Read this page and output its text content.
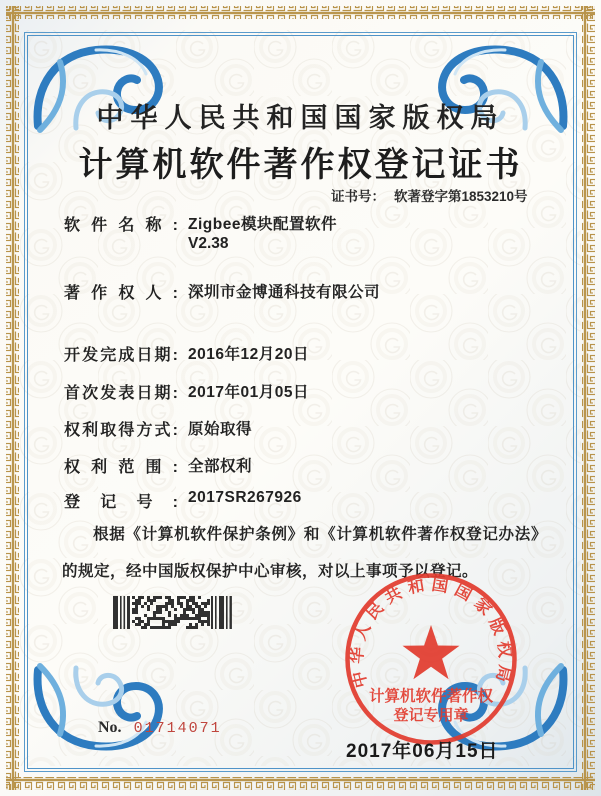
中华人民共和国国家版权局
计算机软件著作权登记证书
证书号： 软著登字第1853210号
软件名称: Zigbee模块配置软件
V2.38
著作权人: 深圳市金博通科技有限公司
开发完成日期: 2016年12月20日
首次发表日期: 2017年01月05日
权利取得方式: 原始取得
权利范围: 全部权利
登记号: 2017SR267926
根据《计算机软件保护条例》和《计算机软件著作权登记办法》的规定，经中国版权保护中心审核，对以上事项予以登记。
No. 01714071
中华人民共和国国家版权局
计算机软件著作权
登记专用章
2017年06月15日
